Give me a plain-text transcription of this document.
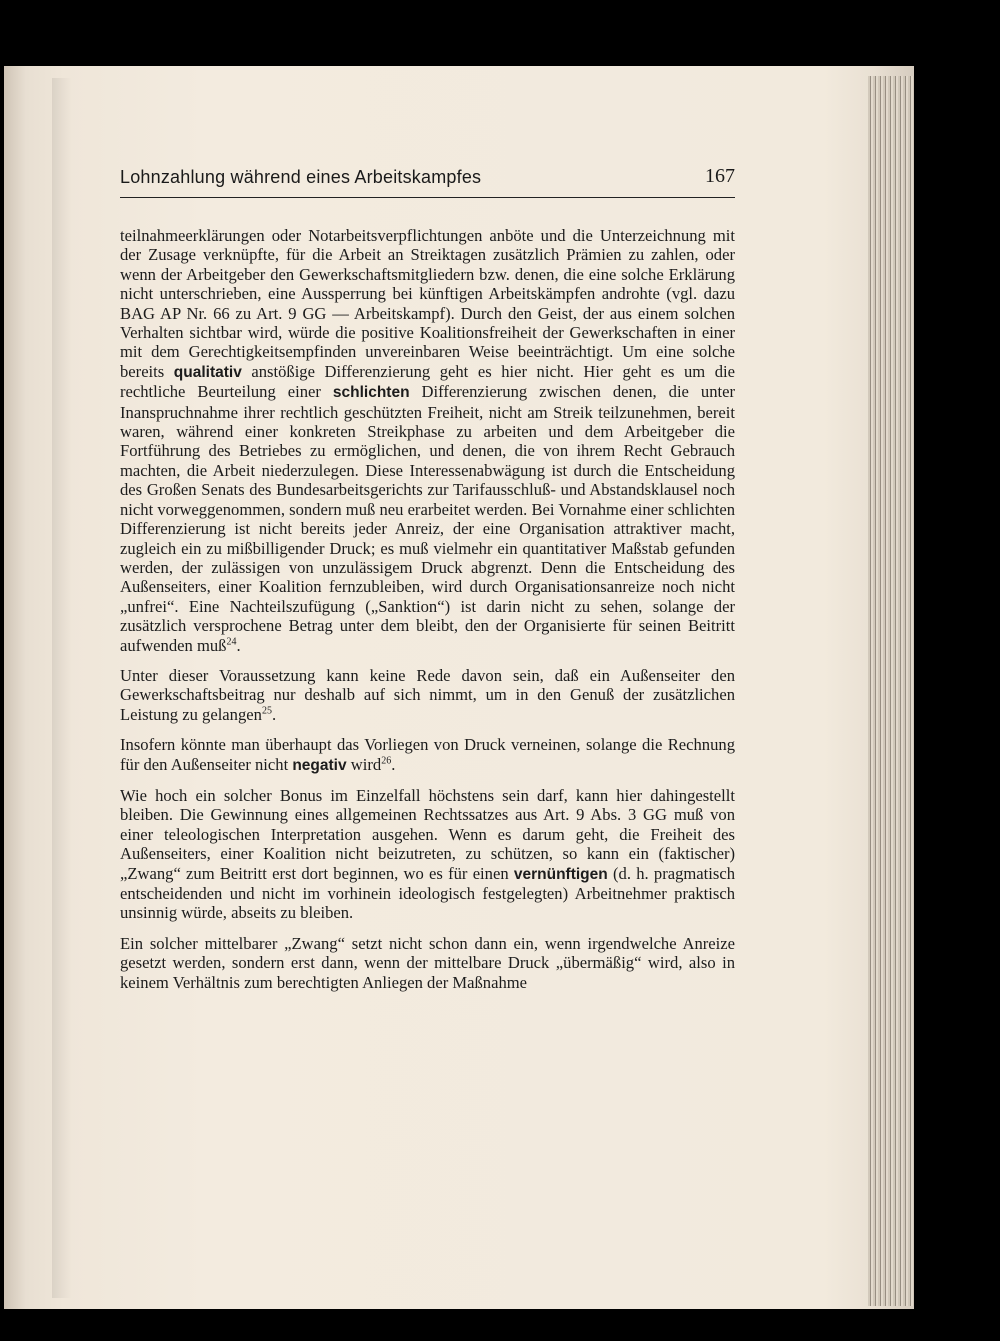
Lohnzahlung während eines Arbeitskampfes	167

teilnahmeerklärungen oder Notarbeitsverpflichtungen anböte und die Unterzeichnung mit der Zusage verknüpfte, für die Arbeit an Streiktagen zusätzlich Prämien zu zahlen, oder wenn der Arbeitgeber den Gewerkschaftsmitgliedern bzw. denen, die eine solche Erklärung nicht unterschrieben, eine Aussperrung bei künftigen Arbeitskämpfen androhte (vgl. dazu BAG AP Nr. 66 zu Art. 9 GG — Arbeitskampf). Durch den Geist, der aus einem solchen Verhalten sichtbar wird, würde die positive Koalitionsfreiheit der Gewerkschaften in einer mit dem Gerechtigkeitsempfinden unvereinbaren Weise beeinträchtigt. Um eine solche bereits qualitativ anstößige Differenzierung geht es hier nicht. Hier geht es um die rechtliche Beurteilung einer schlichten Differenzierung zwischen denen, die unter Inanspruchnahme ihrer rechtlich geschützten Freiheit, nicht am Streik teilzunehmen, bereit waren, während einer konkreten Streikphase zu arbeiten und dem Arbeitgeber die Fortführung des Betriebes zu ermöglichen, und denen, die von ihrem Recht Gebrauch machten, die Arbeit niederzulegen. Diese Interessenabwägung ist durch die Entscheidung des Großen Senats des Bundesarbeitsgerichts zur Tarifausschluß- und Abstandsklausel noch nicht vorweggenommen, sondern muß neu erarbeitet werden. Bei Vornahme einer schlichten Differenzierung ist nicht bereits jeder Anreiz, der eine Organisation attraktiver macht, zugleich ein zu mißbilligender Druck; es muß vielmehr ein quantitativer Maßstab gefunden werden, der zulässigen von unzulässigem Druck abgrenzt. Denn die Entscheidung des Außenseiters, einer Koalition fernzubleiben, wird durch Organisationsanreize noch nicht „unfrei“. Eine Nachteilszufügung („Sanktion“) ist darin nicht zu sehen, solange der zusätzlich versprochene Betrag unter dem bleibt, den der Organisierte für seinen Beitritt aufwenden muß$^{24}$.

Unter dieser Voraussetzung kann keine Rede davon sein, daß ein Außenseiter den Gewerkschaftsbeitrag nur deshalb auf sich nimmt, um in den Genuß der zusätzlichen Leistung zu gelangen$^{25}$.

Insofern könnte man überhaupt das Vorliegen von Druck verneinen, solange die Rechnung für den Außenseiter nicht negativ wird$^{26}$.

Wie hoch ein solcher Bonus im Einzelfall höchstens sein darf, kann hier dahingestellt bleiben. Die Gewinnung eines allgemeinen Rechtssatzes aus Art. 9 Abs. 3 GG muß von einer teleologischen Interpretation ausgehen. Wenn es darum geht, die Freiheit des Außenseiters, einer Koalition nicht beizutreten, zu schützen, so kann ein (faktischer) „Zwang“ zum Beitritt erst dort beginnen, wo es für einen vernünftigen (d. h. pragmatisch entscheidenden und nicht im vorhinein ideologisch festgelegten) Arbeitnehmer praktisch unsinnig würde, abseits zu bleiben.

Ein solcher mittelbarer „Zwang“ setzt nicht schon dann ein, wenn irgendwelche Anreize gesetzt werden, sondern erst dann, wenn der mittelbare Druck „übermäßig“ wird, also in keinem Verhältnis zum berechtigten Anliegen der Maßnahme
